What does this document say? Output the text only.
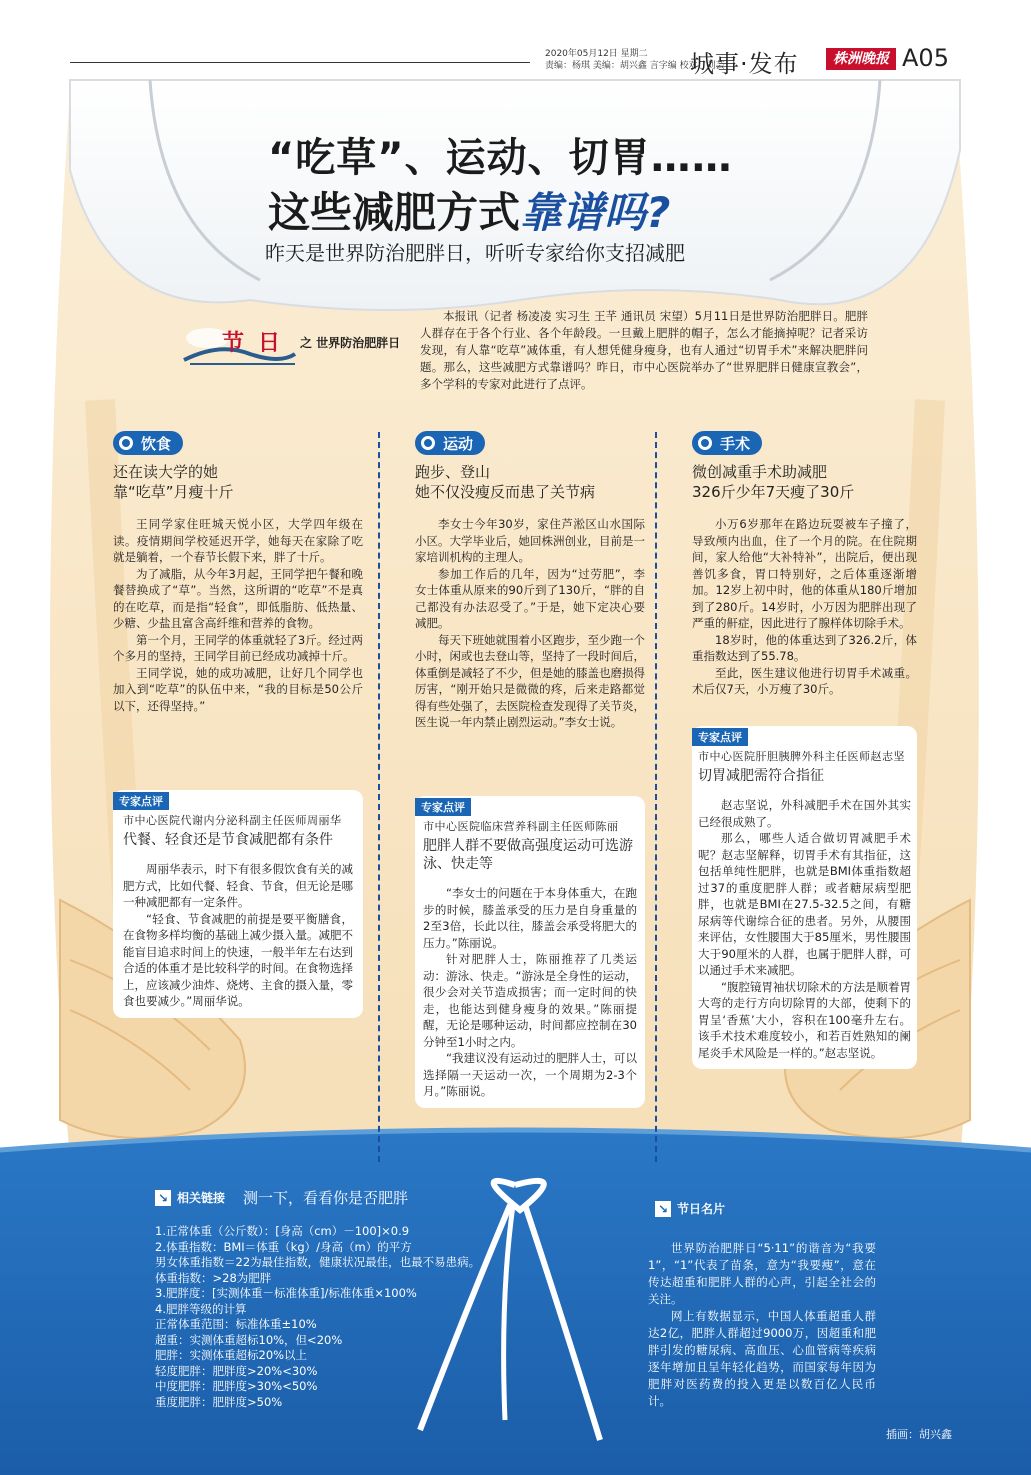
2020年05月12日 星期二
责编：杨琪 美编：胡兴鑫 言字编 校对：刘芸
城事·发布	株洲晚报 A05
“吃草”、运动、切胃……
这些减肥方式靠谱吗?
昨天是世界防治肥胖日，听听专家给你支招减肥
节 日 之 世界防治肥胖日
本报讯（记者 杨凌凌 实习生 王芊 通讯员 宋望）5月11日是世界防治肥胖日。肥胖人群存在于各个行业、各个年龄段。一旦戴上肥胖的帽子，怎么才能摘掉呢？记者采访发现，有人靠“吃草”减体重，有人想凭健身瘦身，也有人通过“切胃手术”来解决肥胖问题。那么，这些减肥方式靠谱吗？昨日，市中心医院举办了“世界肥胖日健康宣教会”，多个学科的专家对此进行了点评。
饮食
还在读大学的她
靠“吃草”月瘦十斤

王同学家住旺城天悦小区，大学四年级在读。疫情期间学校延迟开学，她每天在家除了吃就是躺着，一个春节长假下来，胖了十斤。

为了减脂，从今年3月起，王同学把午餐和晚餐替换成了“草”。当然，这所谓的“吃草”不是真的在吃草，而是指“轻食”，即低脂肪、低热量、少糖、少盐且富含高纤维和营养的食物。

第一个月，王同学的体重就轻了3斤。经过两个多月的坚持，王同学目前已经成功减掉十斤。

王同学说，她的成功减肥，让好几个同学也加入到“吃草”的队伍中来，“我的目标是50公斤以下，还得坚持。”

专家点评
市中心医院代谢内分泌科副主任医师周丽华
代餐、轻食还是节食减肥都有条件

周丽华表示，时下有很多假饮食有关的减肥方式，比如代餐、轻食、节食，但无论是哪一种减肥都有一定条件。

“轻食、节食减肥的前提是要平衡膳食，在食物多样均衡的基础上减少摄入量。减肥不能盲目追求时间上的快速，一般半年左右达到合适的体重才是比较科学的时间。在食物选择上，应该减少油炸、烧烤、主食的摄入量，零食也要减少。”周丽华说。

运动
跑步、登山
她不仅没瘦反而患了关节病

李女士今年30岁，家住芦淞区山水国际小区。大学毕业后，她回株洲创业，目前是一家培训机构的主理人。

参加工作后的几年，因为“过劳肥”，李女士体重从原来的90斤到了130斤，“胖的自己都没有办法忍受了。”于是，她下定决心要减肥。

每天下班她就围着小区跑步，至少跑一个小时，闲或也去登山等，坚持了一段时间后，体重倒是减轻了不少，但是她的膝盖也磨损得厉害，“刚开始只是微微的疼，后来走路都觉得有些处强了，去医院检查发现得了关节炎，医生说一年内禁止剧烈运动。”李女士说。

专家点评
市中心医院临床营养科副主任医师陈丽
肥胖人群不要做高强度运动可选游泳、快走等

“李女士的问题在于本身体重大，在跑步的时候，膝盖承受的压力是自身重量的2至3倍，长此以往，膝盖会承受将肥大的压力。”陈丽说。

针对肥胖人士，陈丽推荐了几类运动：游泳、快走。“游泳是全身性的运动，很少会对关节造成损害；而一定时间的快走，也能达到健身瘦身的效果。”陈丽提醒，无论是哪种运动，时间都应控制在30分钟至1小时之内。

“我建议没有运动过的肥胖人士，可以选择隔一天运动一次，一个周期为2-3个月。”陈丽说。

手术
微创减重手术助减肥
326斤少年7天瘦了30斤

小万6岁那年在路边玩耍被车子撞了，导致颅内出血，住了一个月的院。在住院期间，家人给他“大补特补”，出院后，便出现善饥多食，胃口特别好，之后体重逐渐增加。12岁上初中时，他的体重从180斤增加到了280斤。14岁时，小万因为肥胖出现了严重的鼾症，因此进行了腺样体切除手术。

18岁时，他的体重达到了326.2斤，体重指数达到了55.78。

至此，医生建议他进行切胃手术减重。术后仅7天，小万瘦了30斤。

专家点评
市中心医院肝胆胰脾外科主任医师赵志坚
切胃减肥需符合指征

赵志坚说，外科减肥手术在国外其实已经很成熟了。

那么，哪些人适合做切胃减肥手术呢？赵志坚解释，切胃手术有其指征，这包括单纯性肥胖，也就是BMI体重指数超过37的重度肥胖人群；或者糖尿病型肥胖，也就是BMI在27.5-32.5之间，有糖尿病等代谢综合征的患者。另外，从腰围来评估，女性腰围大于85厘米，男性腰围大于90厘米的人群，也属于肥胖人群，可以通过手术来减肥。

“腹腔镜胃袖状切除术的方法是顺着胃大弯的走行方向切除胃的大部，使剩下的胃呈‘香蕉’大小，容积在100毫升左右。该手术技术难度较小，和若百姓熟知的阑尾炎手术风险是一样的。”赵志坚说。

↘ 相关链接 测一下，看看你是否肥胖
1.正常体重（公斤数）：[身高（cm）－100]×0.9
2.体重指数：BMI＝体重（kg）/身高（m）的平方
男女体重指数＝22为最佳指数，健康状况最佳，也最不易患病。
体重指数：>28为肥胖
3.肥胖度：[实测体重－标准体重]/标准体重×100%
4.肥胖等级的计算
正常体重范围：标准体重±10%
超重：实测体重超标10%，但<20%
肥胖：实测体重超标20%以上
轻度肥胖：肥胖度>20%<30%
中度肥胖：肥胖度>30%<50%
重度肥胖：肥胖度>50%
↘ 节日名片

世界防治肥胖日“5·11”的谐音为“我要1”，“1”代表了苗条，意为“我要瘦”，意在传达超重和肥胖人群的心声，引起全社会的关注。

网上有数据显示，中国人体重超重人群达2亿，肥胖人群超过9000万，因超重和肥胖引发的糖尿病、高血压、心血管病等疾病逐年增加且呈年轻化趋势，而国家每年因为肥胖对医药费的投入更是以数百亿人民币计。

插画：胡兴鑫
